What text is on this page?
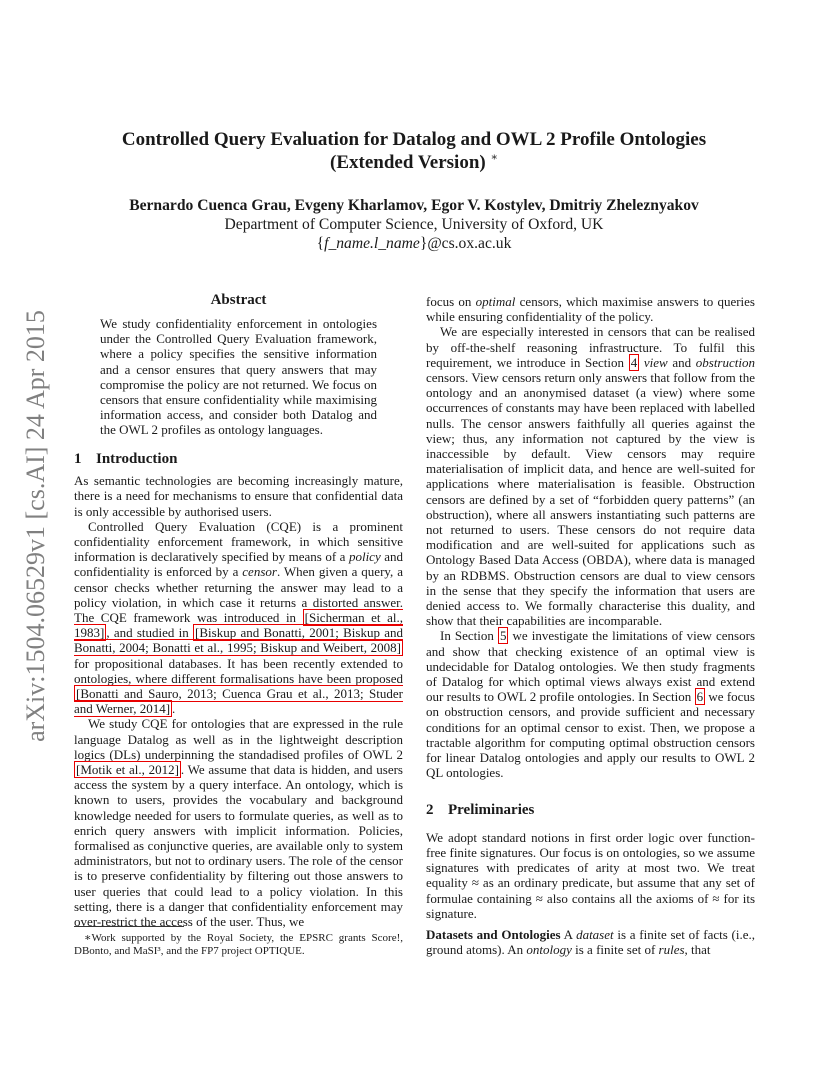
arXiv:1504.06529v1 [cs.AI] 24 Apr 2015
Controlled Query Evaluation for Datalog and OWL 2 Profile Ontologies
(Extended Version) ∗
Bernardo Cuenca Grau, Evgeny Kharlamov, Egor V. Kostylev, Dmitriy Zheleznyakov
Department of Computer Science, University of Oxford, UK
{f_name.l_name}@cs.ox.ac.uk
Abstract
We study confidentiality enforcement in ontologies under the Controlled Query Evaluation framework, where a policy specifies the sensitive information and a censor ensures that query answers that may compromise the policy are not returned. We focus on censors that ensure confidentiality while maximising information access, and consider both Datalog and the OWL 2 profiles as ontology languages.
1 Introduction

As semantic technologies are becoming increasingly mature, there is a need for mechanisms to ensure that confidential data is only accessible by authorised users.

Controlled Query Evaluation (CQE) is a prominent confidentiality enforcement framework, in which sensitive information is declaratively specified by means of a policy and confidentiality is enforced by a censor. When given a query, a censor checks whether returning the answer may lead to a policy violation, in which case it returns a distorted answer. The CQE framework was introduced in [Sicherman et al., 1983] , and studied in [Biskup and Bonatti, 2001; Biskup and Bonatti, 2004; Bonatti et al., 1995; Biskup and Weibert, 2008] for propositional databases. It has been recently extended to ontologies, where different formalisations have been proposed [Bonatti and Sauro, 2013; Cuenca Grau et al., 2013; Studer and Werner, 2014] .

We study CQE for ontologies that are expressed in the rule language Datalog as well as in the lightweight description logics (DLs) underpinning the standadised profiles of OWL 2 [Motik et al., 2012] . We assume that data is hidden, and users access the system by a query interface. An ontology, which is known to users, provides the vocabulary and background knowledge needed for users to formulate queries, as well as to enrich query answers with implicit information. Policies, formalised as conjunctive queries, are available only to system administrators, but not to ordinary users. The role of the censor is to preserve confidentiality by filtering out those answers to user queries that could lead to a policy violation. In this setting, there is a danger that confidentiality enforcement may over-restrict the access of the user. Thus, we

∗Work supported by the Royal Society, the EPSRC grants Score!, DBonto, and MaSI³, and the FP7 project OPTIQUE.

focus on optimal censors, which maximise answers to queries while ensuring confidentiality of the policy.

We are especially interested in censors that can be realised by off-the-shelf reasoning infrastructure. To fulfil this requirement, we introduce in Section 4 view and obstruction censors. View censors return only answers that follow from the ontology and an anonymised dataset (a view) where some occurrences of constants may have been replaced with labelled nulls. The censor answers faithfully all queries against the view; thus, any information not captured by the view is inaccessible by default. View censors may require materialisation of implicit data, and hence are well-suited for applications where materialisation is feasible. Obstruction censors are defined by a set of “forbidden query patterns” (an obstruction), where all answers instantiating such patterns are not returned to users. These censors do not require data modification and are well-suited for applications such as Ontology Based Data Access (OBDA), where data is managed by an RDBMS. Obstruction censors are dual to view censors in the sense that they specify the information that users are denied access to. We formally characterise this duality, and show that their capabilities are incomparable.

In Section 5 we investigate the limitations of view censors and show that checking existence of an optimal view is undecidable for Datalog ontologies. We then study fragments of Datalog for which optimal views always exist and extend our results to OWL 2 profile ontologies. In Section 6 we focus on obstruction censors, and provide sufficient and necessary conditions for an optimal censor to exist. Then, we propose a tractable algorithm for computing optimal obstruction censors for linear Datalog ontologies and apply our results to OWL 2 QL ontologies.

2 Preliminaries

We adopt standard notions in first order logic over function-free finite signatures. Our focus is on ontologies, so we assume signatures with predicates of arity at most two. We treat equality ≈ as an ordinary predicate, but assume that any set of formulae containing ≈ also contains all the axioms of ≈ for its signature.

Datasets and Ontologies A dataset is a finite set of facts (i.e., ground atoms). An ontology is a finite set of rules, that
